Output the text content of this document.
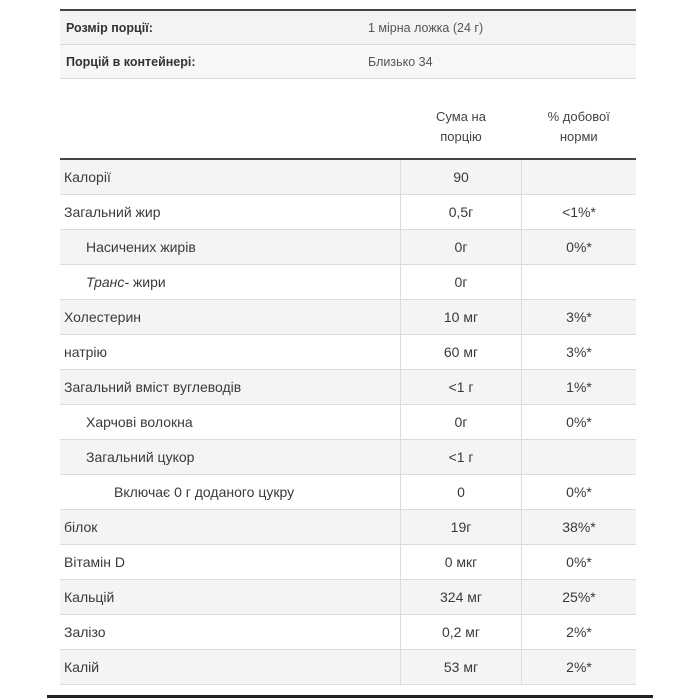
Розмір порції:	1 мірна ложка (24 г)
Порцій в контейнері:	Близько 34
	Сума на
порцію	% добової
норми
Калорії	90	
Загальний жир	0,5г	<1%*
Насичених жирів	0г	0%*
Транс- жири	0г	
Холестерин	10 мг	3%*
натрію	60 мг	3%*
Загальний вміст вуглеводів	<1 г	1%*
Харчові волокна	0г	0%*
Загальний цукор	<1 г	
Включає 0 г доданого цукру	0	0%*
білок	19г	38%*
Вітамін D	0 мкг	0%*
Кальцій	324 мг	25%*
Залізо	0,2 мг	2%*
Калій	53 мг	2%*
